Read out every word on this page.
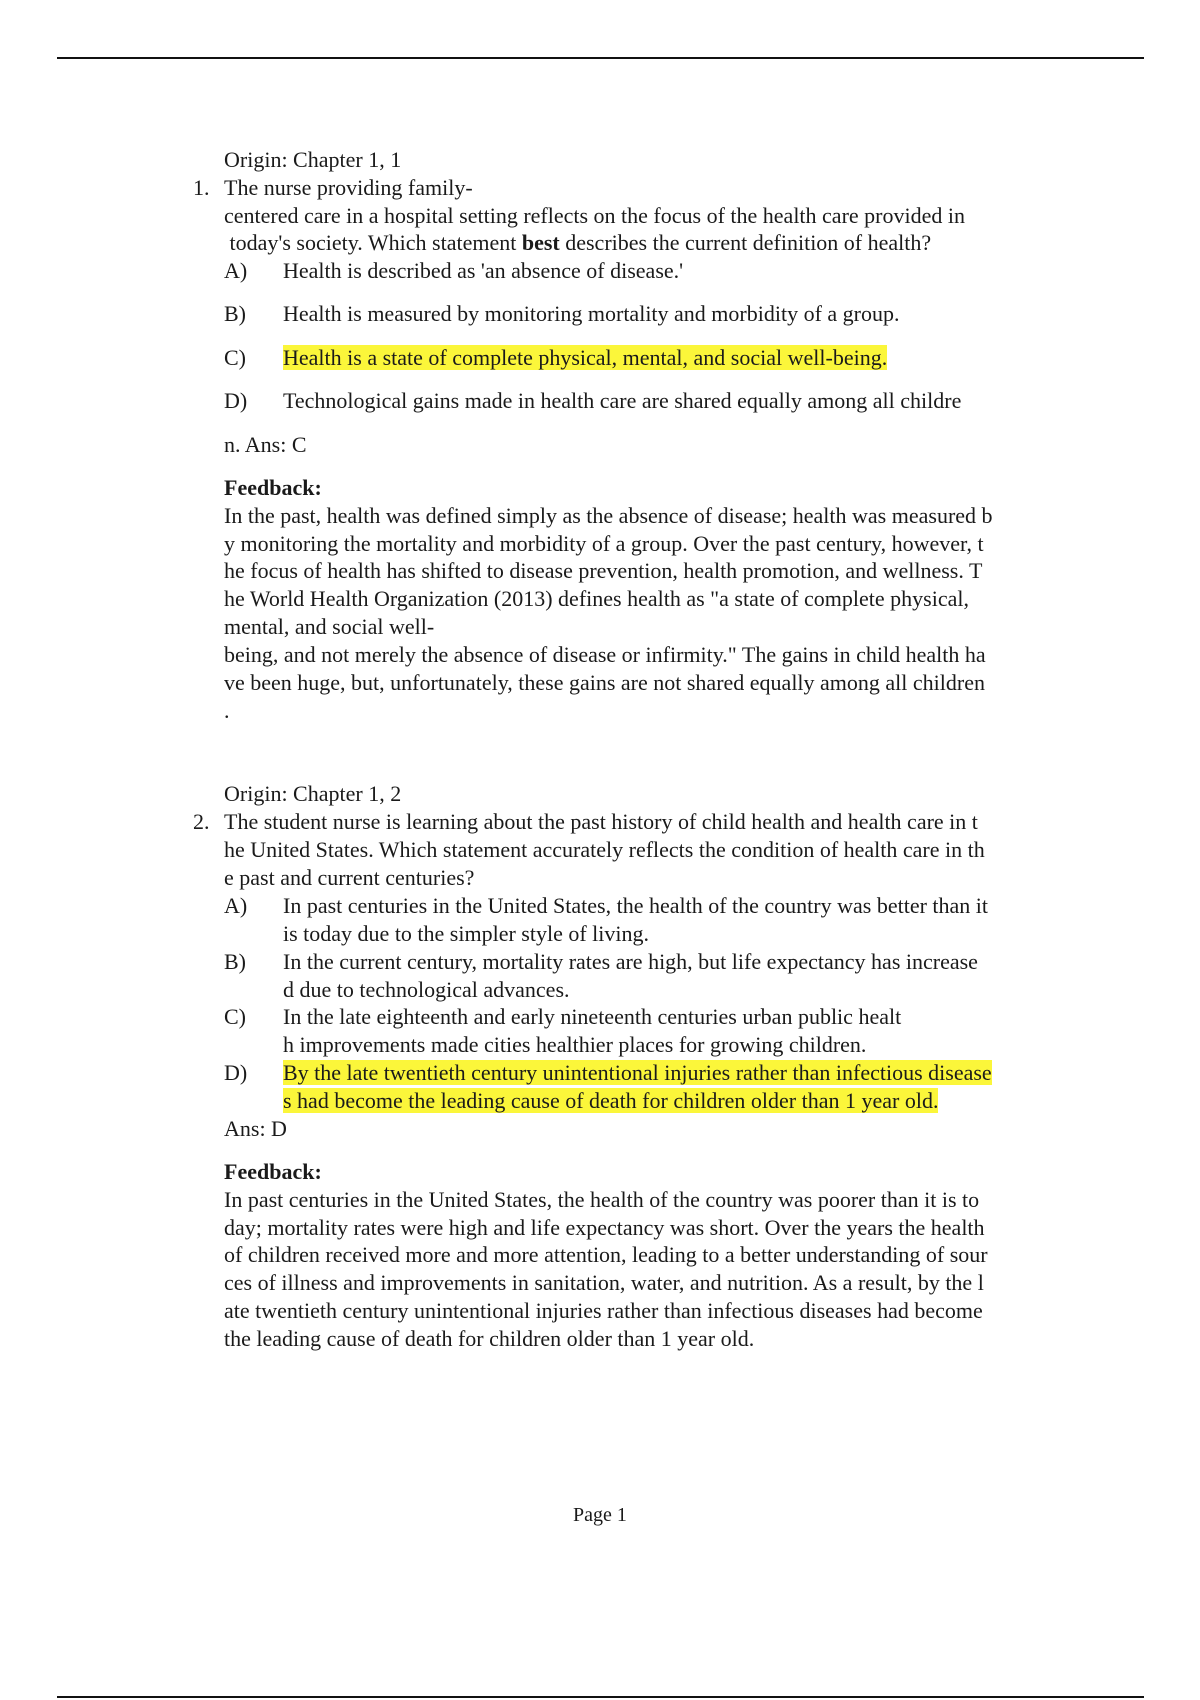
Origin: Chapter 1, 1
1. The nurse providing family-
centered care in a hospital setting reflects on the focus of the health care provided in
today's society. Which statement best describes the current definition of health?
A) Health is described as 'an absence of disease.'
B) Health is measured by monitoring mortality and morbidity of a group.
C) Health is a state of complete physical, mental, and social well-being.
D) Technological gains made in health care are shared equally among all childre
n. Ans: C
Feedback:
In the past, health was defined simply as the absence of disease; health was measured b
y monitoring the mortality and morbidity of a group. Over the past century, however, t
he focus of health has shifted to disease prevention, health promotion, and wellness. T
he World Health Organization (2013) defines health as "a state of complete physical,
mental, and social well-
being, and not merely the absence of disease or infirmity." The gains in child health ha
ve been huge, but, unfortunately, these gains are not shared equally among all children
.
Origin: Chapter 1, 2
2. The student nurse is learning about the past history of child health and health care in t
he United States. Which statement accurately reflects the condition of health care in th
e past and current centuries?
A) In past centuries in the United States, the health of the country was better than it
is today due to the simpler style of living.
B) In the current century, mortality rates are high, but life expectancy has increase
d due to technological advances.
C) In the late eighteenth and early nineteenth centuries urban public healt
h improvements made cities healthier places for growing children.
D) By the late twentieth century unintentional injuries rather than infectious disease
s had become the leading cause of death for children older than 1 year old.
Ans: D
Feedback:
In past centuries in the United States, the health of the country was poorer than it is to
day; mortality rates were high and life expectancy was short. Over the years the health
of children received more and more attention, leading to a better understanding of sour
ces of illness and improvements in sanitation, water, and nutrition. As a result, by the l
ate twentieth century unintentional injuries rather than infectious diseases had become
the leading cause of death for children older than 1 year old.
Page 1
